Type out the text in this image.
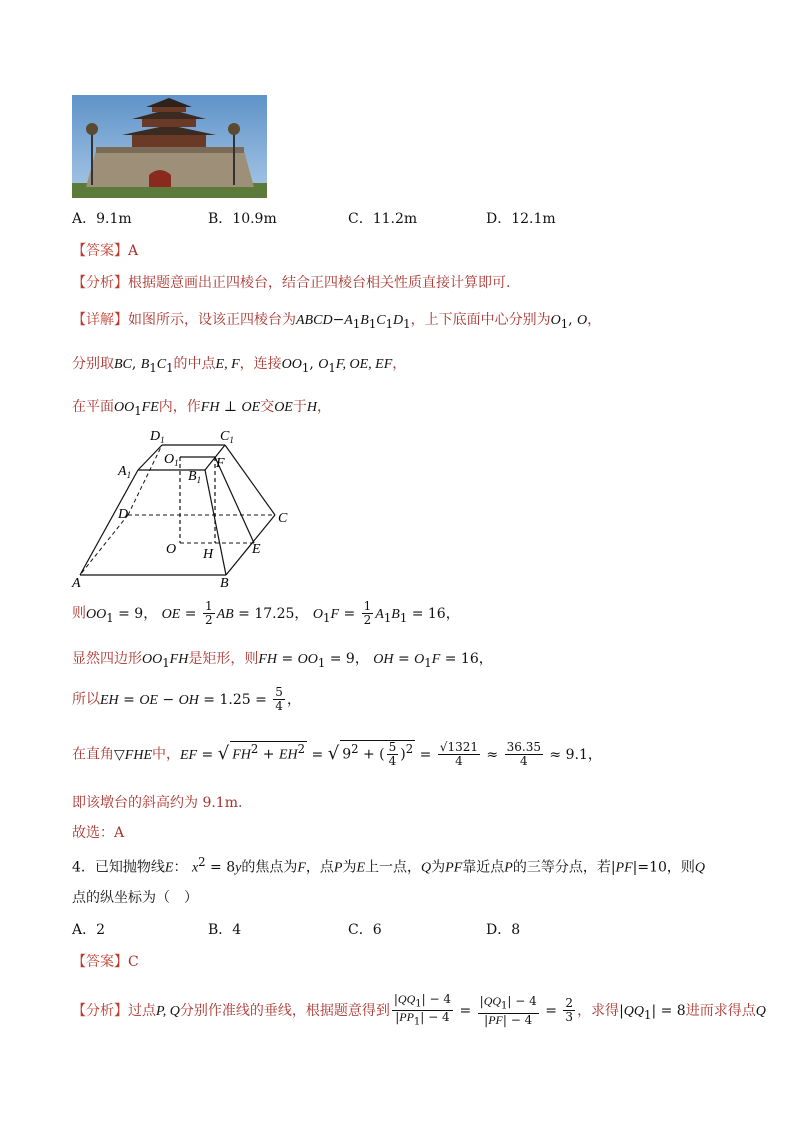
A．9.1m	B．10.9m	C．11.2m	D．12.1m
【答案】A
【分析】根据题意画出正四棱台，结合正四棱台相关性质直接计算即可.
【详解】如图所示，设该正四棱台为$ABCD-A_1B_1C_1D_1$，上下底面中心分别为$O_1$, O，
分别取BC, $B_1C_1$的中点E, F，连接$OO_1$, $O_1F$, OE, EF，
在平面$OO_1FE$内，作FH ⊥ OE交OE于H，
A	B
C
D
$A_1$	$B_1$
$C_1$
$D_1$
$O_1$	F
O H	E
则$OO_1 = 9$， OE = $\frac{1}{2}$ AB = 17.25， $O_1F = \frac{1}{2} A_1B_1 = 16$，
显然四边形$OO_1FH$是矩形，则FH = $OO_1 = 9$， OH = $O_1F = 16$，
所以EH = OE − OH = $1.25 = \frac{5}{4}$ ，
在直角▽FHE中，EF = √ $FH^2 + EH^2$ = √ $9^2$ + ( $\frac{5}{4} )^2 = \frac{√1321}{4} \approx \frac{36.35}{4} \approx 9.1$，
即该墩台的斜高约为 9.1m.
故选：A
4．已知抛物线E： $x^2 = 8y$的焦点为F，点P为E上一点，Q为PF靠近点P的三等分点，若|PF|=10，则Q
点的纵坐标为（　）
A．2	B．4	C．6	D．8
【答案】C
【分析】过点P, Q分别作准线的垂线，根据题意得到 $\frac{|QQ_1| - 4}{|PP_1| - 4} = \frac{|QQ_1| - 4}{|PF| - 4} = \frac{2}{3}$ ，求得$|QQ_1| = 8$进而求得点Q
